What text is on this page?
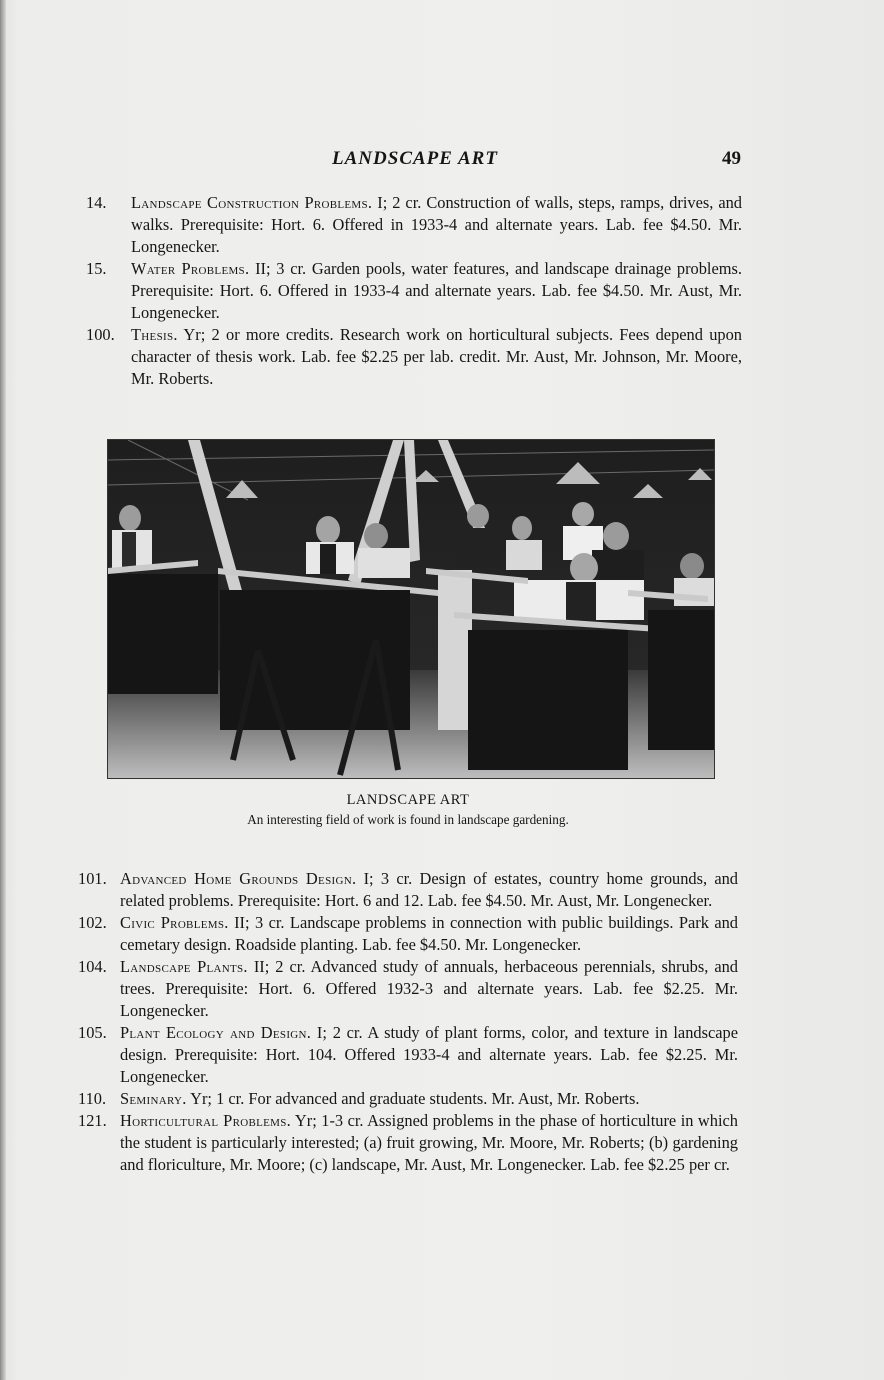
LANDSCAPE ART	49
14.	Landscape Construction Problems. I; 2 cr. Construction of walls, steps, ramps, drives, and walks. Prerequisite: Hort. 6. Offered in 1933-4 and alternate years. Lab. fee $4.50. Mr. Longenecker.
15.	Water Problems. II; 3 cr. Garden pools, water features, and landscape drainage problems. Prerequisite: Hort. 6. Offered in 1933-4 and alternate years. Lab. fee $4.50. Mr. Aust, Mr. Longenecker.
100. Thesis. Yr; 2 or more credits. Research work on horticultural subjects. Fees depend upon character of thesis work. Lab. fee $2.25 per lab. credit. Mr. Aust, Mr. Johnson, Mr. Moore, Mr. Roberts.
LANDSCAPE ART
An interesting field of work is found in landscape gardening.
101. Advanced Home Grounds Design. I; 3 cr. Design of estates, country home grounds, and related problems. Prerequisite: Hort. 6 and 12. Lab. fee $4.50. Mr. Aust, Mr. Longenecker.
102. Civic Problems. II; 3 cr. Landscape problems in connection with public buildings. Park and cemetary design. Roadside planting. Lab. fee $4.50. Mr. Longenecker.
104. Landscape Plants. II; 2 cr. Advanced study of annuals, herbaceous perennials, shrubs, and trees. Prerequisite: Hort. 6. Offered 1932-3 and alternate years. Lab. fee $2.25. Mr. Longenecker.
105. Plant Ecology and Design. I; 2 cr. A study of plant forms, color, and texture in landscape design. Prerequisite: Hort. 104. Offered 1933-4 and alternate years. Lab. fee $2.25. Mr. Longenecker.
110. Seminary. Yr; 1 cr. For advanced and graduate students. Mr. Aust, Mr. Roberts.
121. Horticultural Problems. Yr; 1-3 cr. Assigned problems in the phase of horticulture in which the student is particularly interested; (a) fruit growing, Mr. Moore, Mr. Roberts; (b) gardening and floriculture, Mr. Moore; (c) landscape, Mr. Aust, Mr. Longenecker. Lab. fee $2.25 per cr.
